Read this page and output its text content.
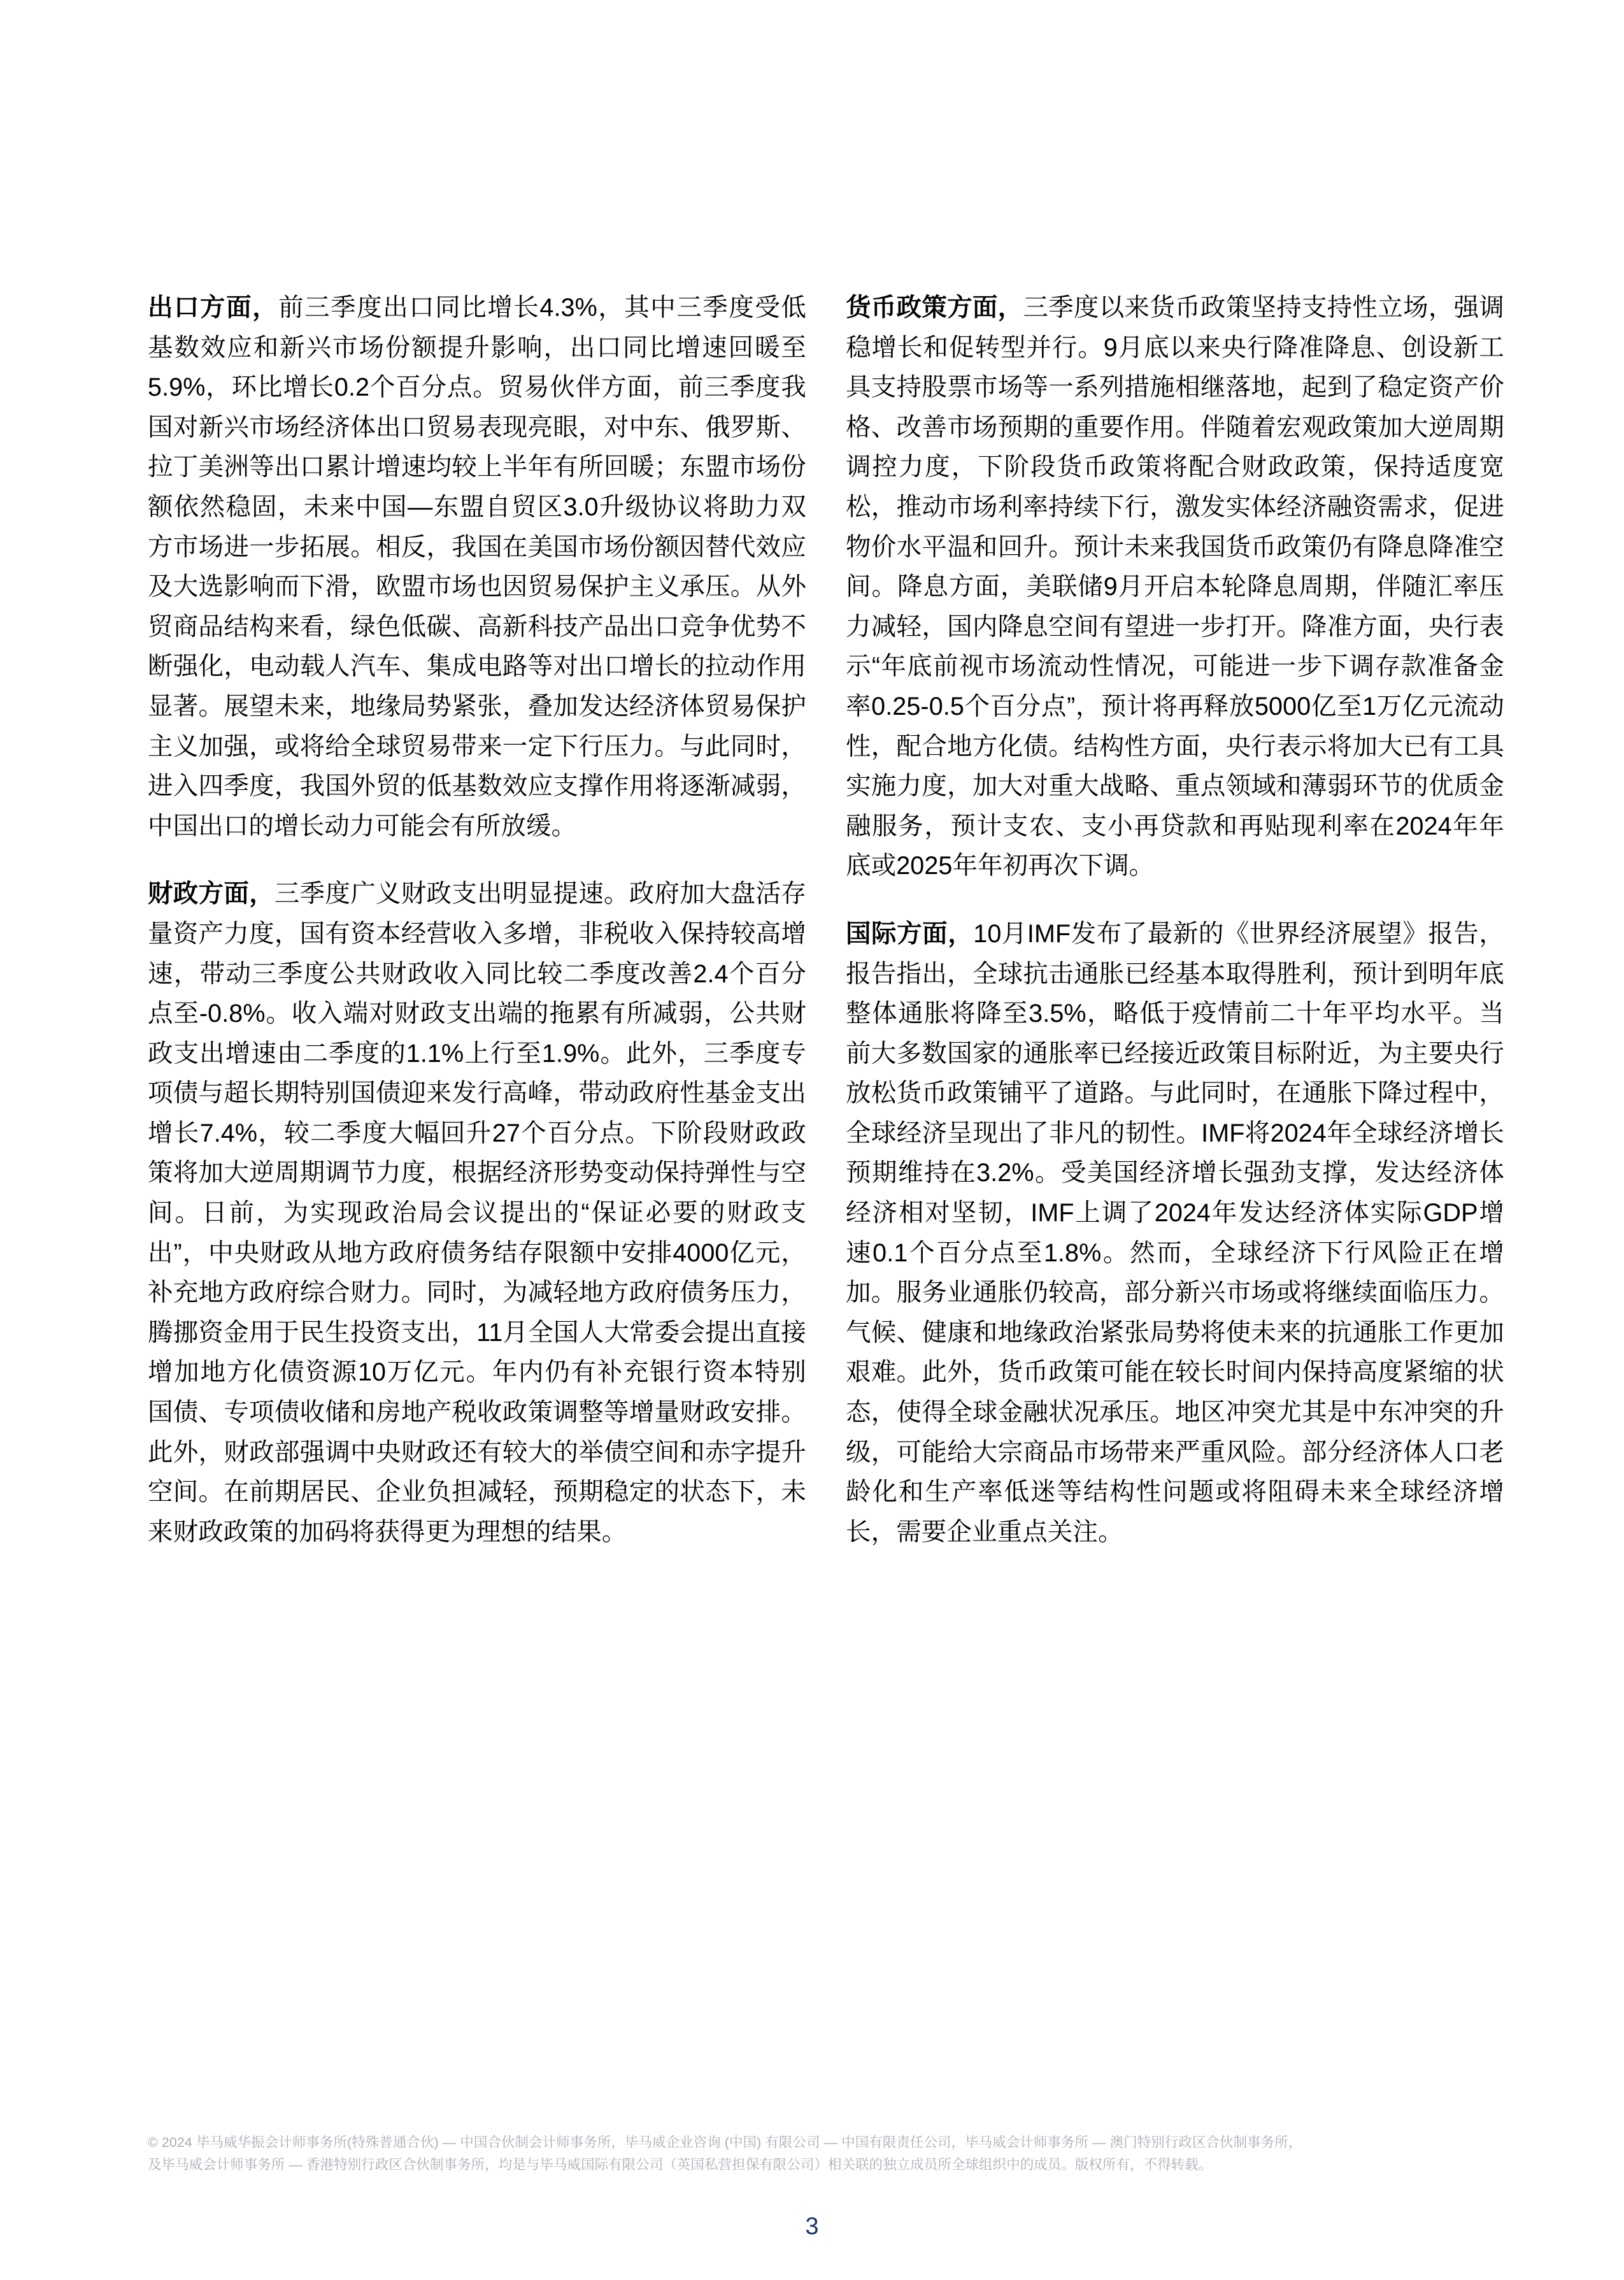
出口方面，前三季度出口同比增长4.3%，其中三季度受低基数效应和新兴市场份额提升影响，出口同比增速回暖至5.9%，环比增长0.2个百分点。贸易伙伴方面，前三季度我国对新兴市场经济体出口贸易表现亮眼，对中东、俄罗斯、拉丁美洲等出口累计增速均较上半年有所回暖；东盟市场份额依然稳固，未来中国—东盟自贸区3.0升级协议将助力双方市场进一步拓展。相反，我国在美国市场份额因替代效应及大选影响而下滑，欧盟市场也因贸易保护主义承压。从外贸商品结构来看，绿色低碳、高新科技产品出口竞争优势不断强化，电动载人汽车、集成电路等对出口增长的拉动作用显著。展望未来，地缘局势紧张，叠加发达经济体贸易保护主义加强，或将给全球贸易带来一定下行压力。与此同时，进入四季度，我国外贸的低基数效应支撑作用将逐渐减弱，中国出口的增长动力可能会有所放缓。

财政方面，三季度广义财政支出明显提速。政府加大盘活存量资产力度，国有资本经营收入多增，非税收入保持较高增速，带动三季度公共财政收入同比较二季度改善2.4个百分点至-0.8%。收入端对财政支出端的拖累有所减弱，公共财政支出增速由二季度的1.1%上行至1.9%。此外，三季度专项债与超长期特别国债迎来发行高峰，带动政府性基金支出增长7.4%，较二季度大幅回升27个百分点。下阶段财政政策将加大逆周期调节力度，根据经济形势变动保持弹性与空间。日前，为实现政治局会议提出的“保证必要的财政支出”，中央财政从地方政府债务结存限额中安排4000亿元，补充地方政府综合财力。同时，为减轻地方政府债务压力，腾挪资金用于民生投资支出，11月全国人大常委会提出直接增加地方化债资源10万亿元。年内仍有补充银行资本特别国债、专项债收储和房地产税收政策调整等增量财政安排。此外，财政部强调中央财政还有较大的举债空间和赤字提升空间。在前期居民、企业负担减轻，预期稳定的状态下，未来财政政策的加码将获得更为理想的结果。

货币政策方面，三季度以来货币政策坚持支持性立场，强调稳增长和促转型并行。9月底以来央行降准降息、创设新工具支持股票市场等一系列措施相继落地，起到了稳定资产价格、改善市场预期的重要作用。伴随着宏观政策加大逆周期调控力度，下阶段货币政策将配合财政政策，保持适度宽松，推动市场利率持续下行，激发实体经济融资需求，促进物价水平温和回升。预计未来我国货币政策仍有降息降准空间。降息方面，美联储9月开启本轮降息周期，伴随汇率压力减轻，国内降息空间有望进一步打开。降准方面，央行表示“年底前视市场流动性情况，可能进一步下调存款准备金率0.25-0.5个百分点”，预计将再释放5000亿至1万亿元流动性，配合地方化债。结构性方面，央行表示将加大已有工具实施力度，加大对重大战略、重点领域和薄弱环节的优质金融服务，预计支农、支小再贷款和再贴现利率在2024年年底或2025年年初再次下调。

国际方面，10月IMF发布了最新的《世界经济展望》报告，报告指出，全球抗击通胀已经基本取得胜利，预计到明年底整体通胀将降至3.5%，略低于疫情前二十年平均水平。当前大多数国家的通胀率已经接近政策目标附近，为主要央行放松货币政策铺平了道路。与此同时，在通胀下降过程中，全球经济呈现出了非凡的韧性。IMF将2024年全球经济增长预期维持在3.2%。受美国经济增长强劲支撑，发达经济体经济相对坚韧，IMF上调了2024年发达经济体实际GDP增速0.1个百分点至1.8%。然而，全球经济下行风险正在增加。服务业通胀仍较高，部分新兴市场或将继续面临压力。气候、健康和地缘政治紧张局势将使未来的抗通胀工作更加艰难。此外，货币政策可能在较长时间内保持高度紧缩的状态，使得全球金融状况承压。地区冲突尤其是中东冲突的升级，可能给大宗商品市场带来严重风险。部分经济体人口老龄化和生产率低迷等结构性问题或将阻碍未来全球经济增长，需要企业重点关注。

© 2024 毕马威华振会计师事务所(特殊普通合伙) — 中国合伙制会计师事务所，毕马威企业咨询 (中国) 有限公司 — 中国有限责任公司，毕马威会计师事务所 — 澳门特别行政区合伙制事务所，
及毕马威会计师事务所 — 香港特别行政区合伙制事务所，均是与毕马威国际有限公司（英国私营担保有限公司）相关联的独立成员所全球组织中的成员。版权所有，不得转载。
3
